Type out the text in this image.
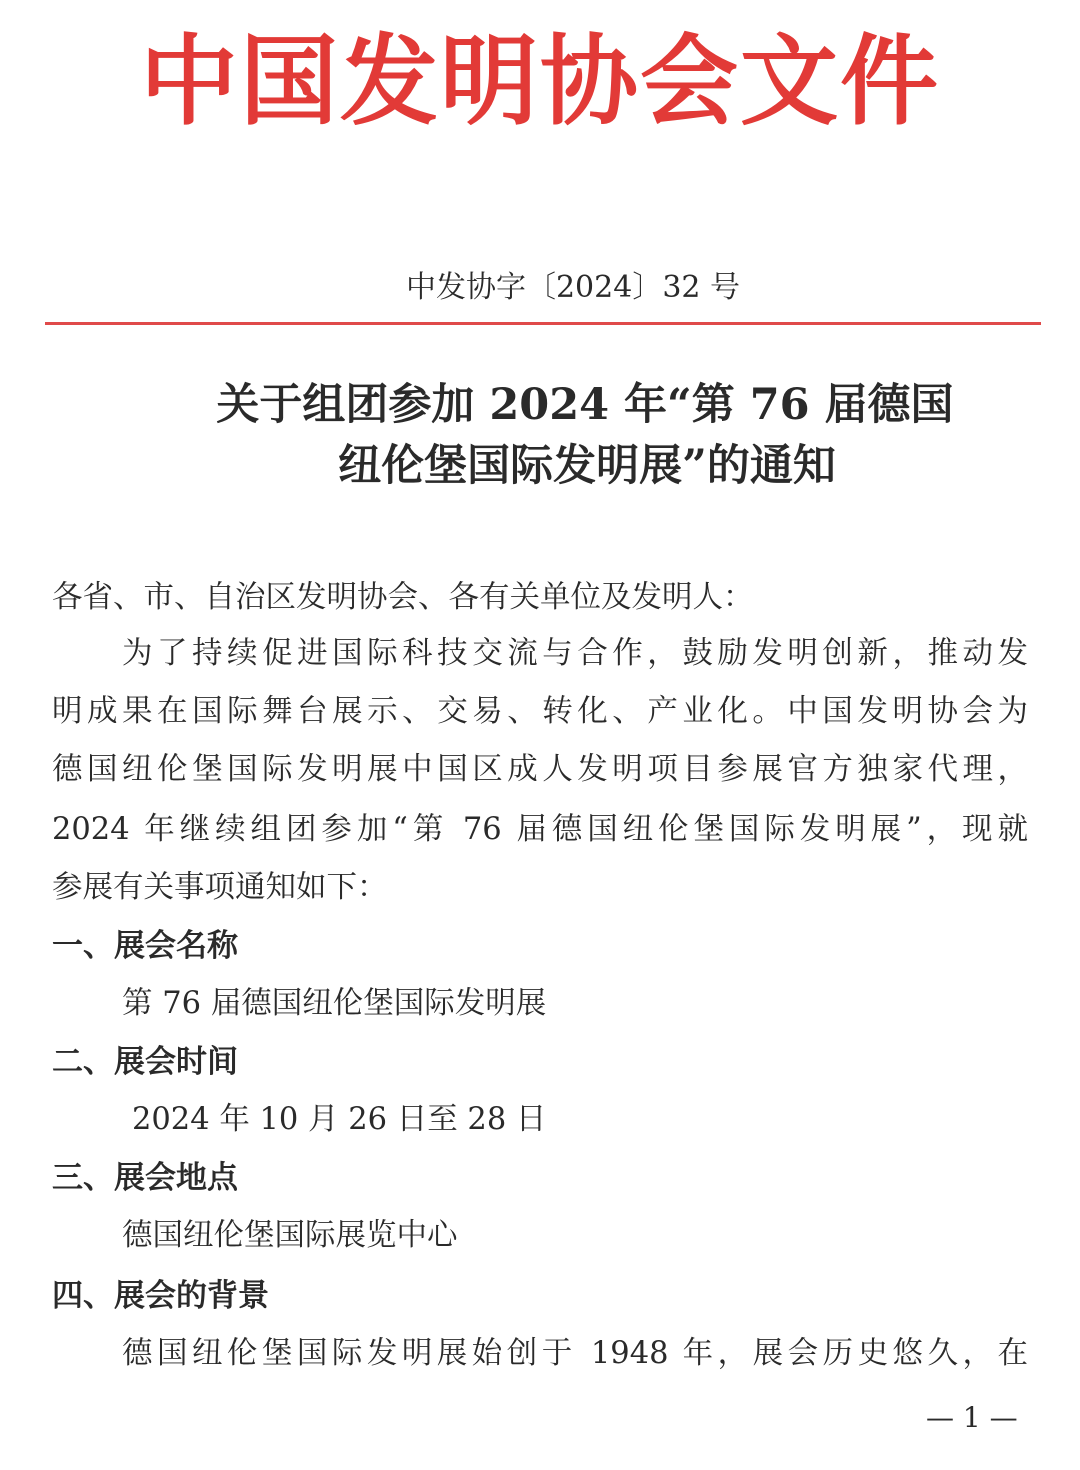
中国发明协会文件
中发协字〔2024〕32 号
关于组团参加 2024 年“第 76 届德国
纽伦堡国际发明展”的通知
各省、市、自治区发明协会、各有关单位及发明人：
为了持续促进国际科技交流与合作，鼓励发明创新，推动发
明成果在国际舞台展示、交易、转化、产业化。中国发明协会为
德国纽伦堡国际发明展中国区成人发明项目参展官方独家代理，
2024 年继续组团参加“第 76 届德国纽伦堡国际发明展”，现就
参展有关事项通知如下：
一、展会名称
第 76 届德国纽伦堡国际发明展
二、展会时间
2024 年 10 月 26 日至 28 日
三、展会地点
德国纽伦堡国际展览中心
四、展会的背景
德国纽伦堡国际发明展始创于 1948 年，展会历史悠久，在
— 1 —
